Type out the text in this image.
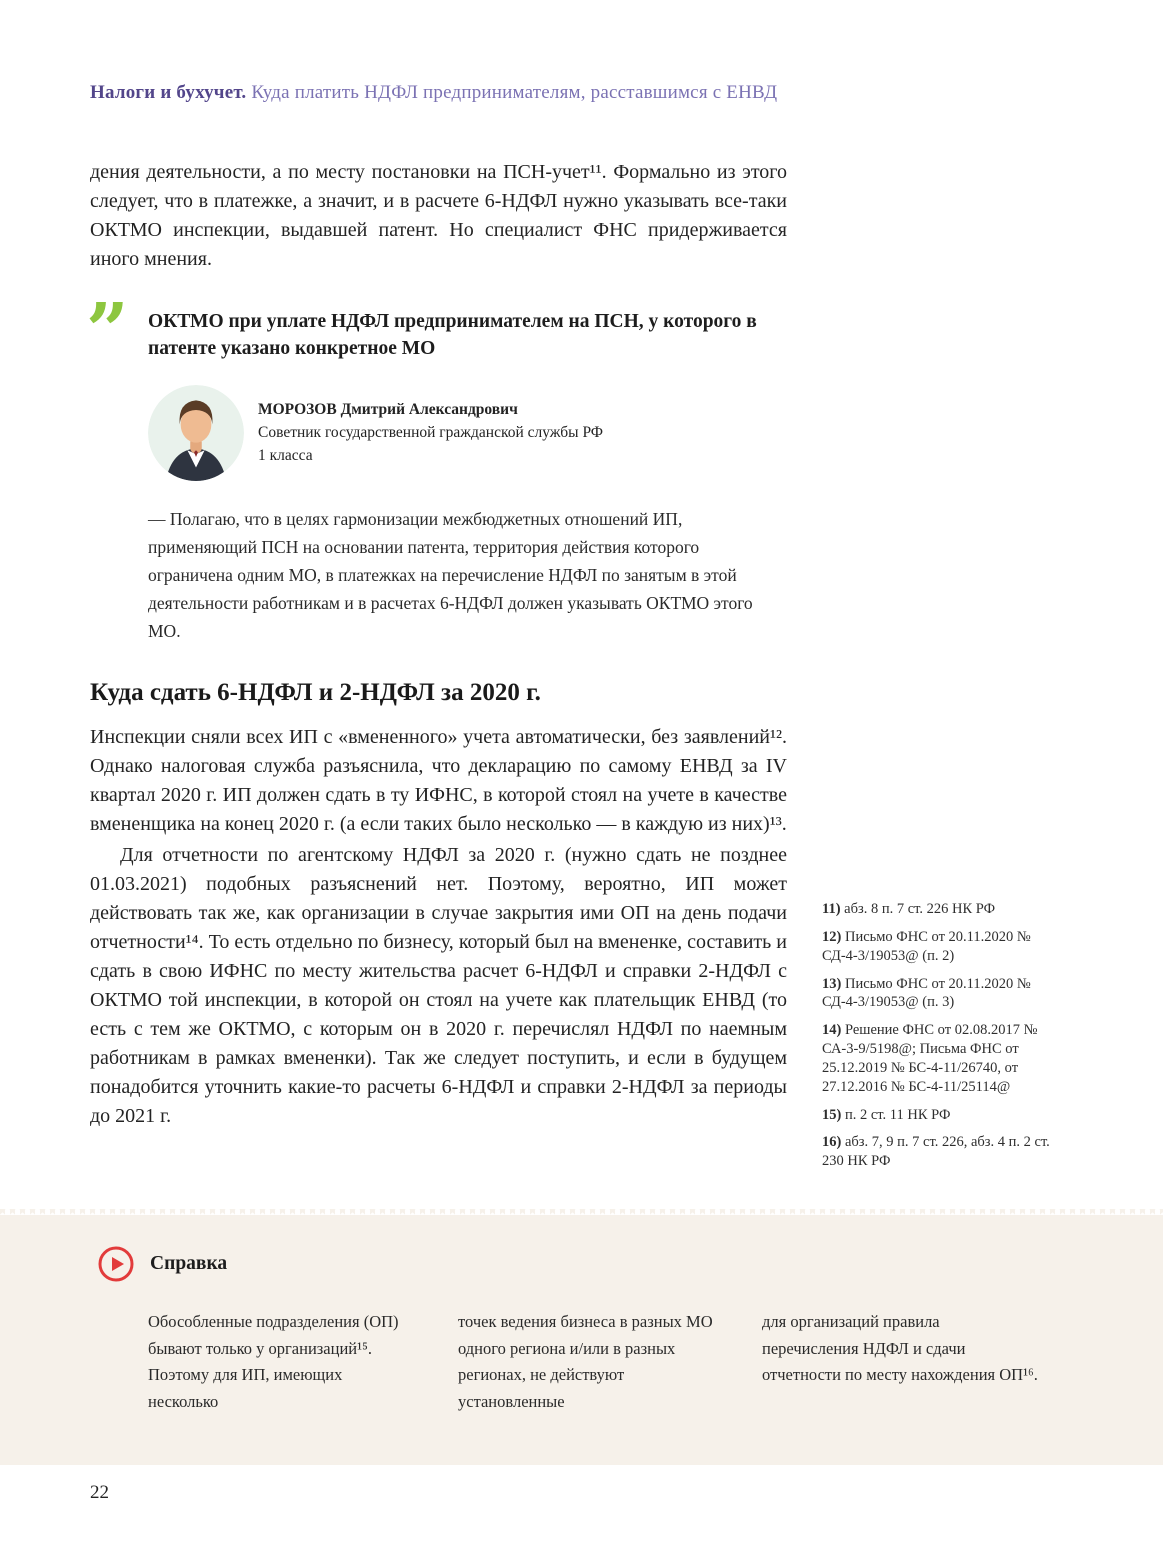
Налоги и бухучет. Куда платить НДФЛ предпринимателям, расставшимся с ЕНВД

дения деятельности, а по месту постановки на ПСН-учет¹¹. Формально из этого следует, что в платежке, а значит, и в расчете 6-НДФЛ нужно указывать все-таки ОКТМО инспекции, выдавшей патент. Но специалист ФНС придерживается иного мнения.

” ОКТМО при уплате НДФЛ предпринимателем на ПСН, у которого в патенте указано конкретное МО
МОРОЗОВ Дмитрий Александрович
Советник государственной гражданской службы РФ
1 класса

— Полагаю, что в целях гармонизации межбюджетных отношений ИП, применяющий ПСН на основании патента, территория действия которого ограничена одним МО, в платежках на перечисление НДФЛ по занятым в этой деятельности работникам и в расчетах 6-НДФЛ должен указывать ОКТМО этого МО.

Куда сдать 6-НДФЛ и 2-НДФЛ за 2020 г.

Инспекции сняли всех ИП с «вмененного» учета автоматически, без заявлений¹². Однако налоговая служба разъяснила, что декларацию по самому ЕНВД за IV квартал 2020 г. ИП должен сдать в ту ИФНС, в которой стоял на учете в качестве вмененщика на конец 2020 г. (а если таких было несколько — в каждую из них)¹³.

Для отчетности по агентскому НДФЛ за 2020 г. (нужно сдать не позднее 01.03.2021) подобных разъяснений нет. Поэтому, вероятно, ИП может действовать так же, как организации в случае закрытия ими ОП на день подачи отчетности¹⁴. То есть отдельно по бизнесу, который был на вмененке, составить и сдать в свою ИФНС по месту жительства расчет 6-НДФЛ и справки 2-НДФЛ с ОКТМО той инспекции, в которой он стоял на учете как плательщик ЕНВД (то есть с тем же ОКТМО, с которым он в 2020 г. перечислял НДФЛ по наемным работникам в рамках вмененки). Так же следует поступить, и если в будущем понадобится уточнить какие-то расчеты 6-НДФЛ и справки 2-НДФЛ за периоды до 2021 г.

11) абз. 8 п. 7 ст. 226 НК РФ

12) Письмо ФНС от 20.11.2020 № СД-4-3/19053@ (п. 2)

13) Письмо ФНС от 20.11.2020 № СД-4-3/19053@ (п. 3)

14) Решение ФНС от 02.08.2017 № СА-3-9/5198@; Письма ФНС от 25.12.2019 № БС-4-11/26740, от 27.12.2016 № БС-4-11/25114@

15) п. 2 ст. 11 НК РФ

16) абз. 7, 9 п. 7 ст. 226, абз. 4 п. 2 ст. 230 НК РФ

Справка

Обособленные подразделения (ОП) бывают только у организаций¹⁵. Поэтому для ИП, имеющих несколько

точек ведения бизнеса в разных МО одного региона и/или в разных регионах, не действуют установленные

для организаций правила перечисления НДФЛ и сдачи отчетности по месту нахождения ОП¹⁶.

22
